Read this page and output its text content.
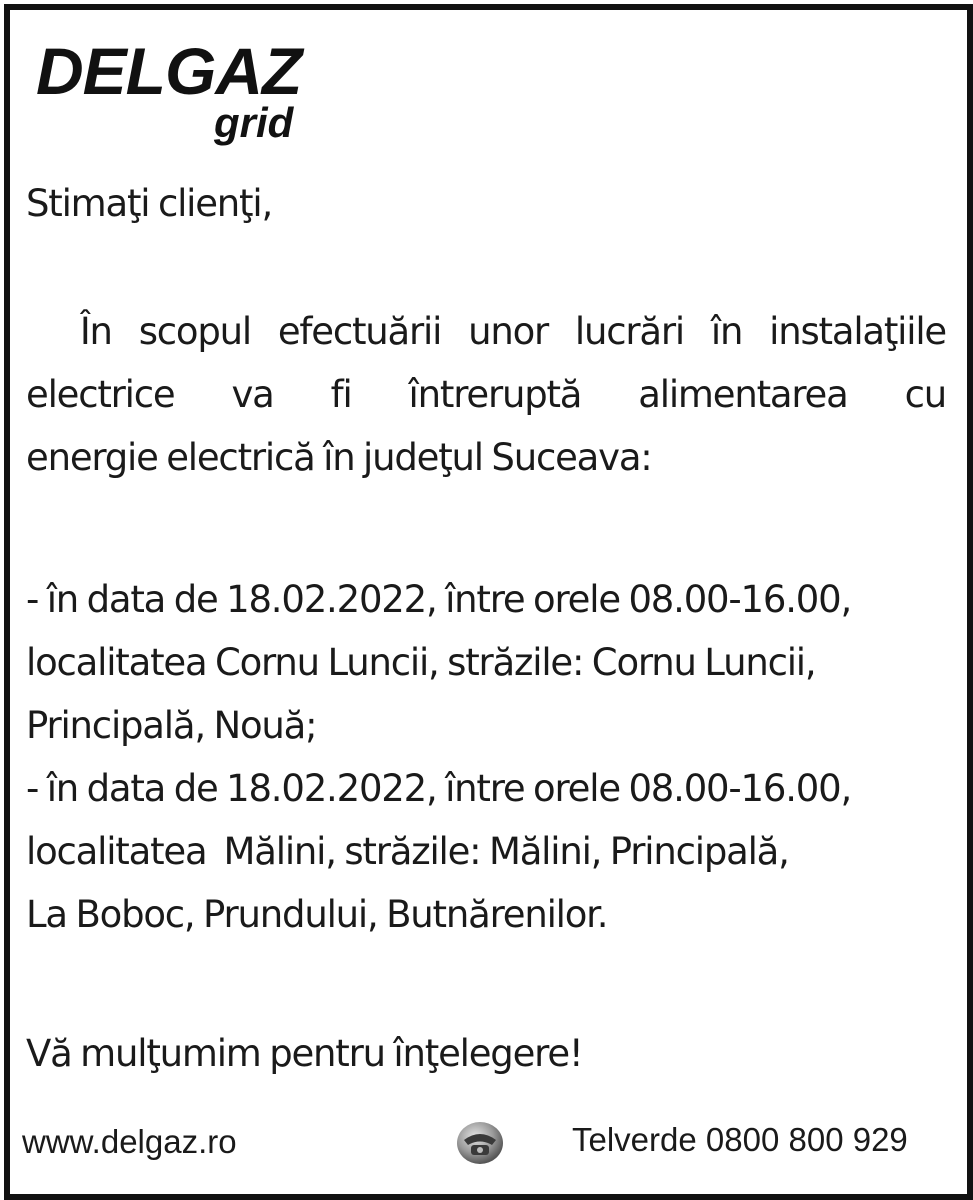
DELGAZ
grid
Stimaţi clienţi,
În scopul efectuării unor lucrări în instalaţiile
electrice va fi întreruptă alimentarea cu
energie electrică în judeţul Suceava:
- în data de 18.02.2022, între orele 08.00-16.00,
localitatea Cornu Luncii, străzile: Cornu Luncii,
Principală, Nouă;
- în data de 18.02.2022, între orele 08.00-16.00,
localitatea  Mălini, străzile: Mălini, Principală,
La Boboc, Prundului, Butnărenilor.
Vă mulţumim pentru înţelegere!
www.delgaz.ro	Telverde 0800 800 929
